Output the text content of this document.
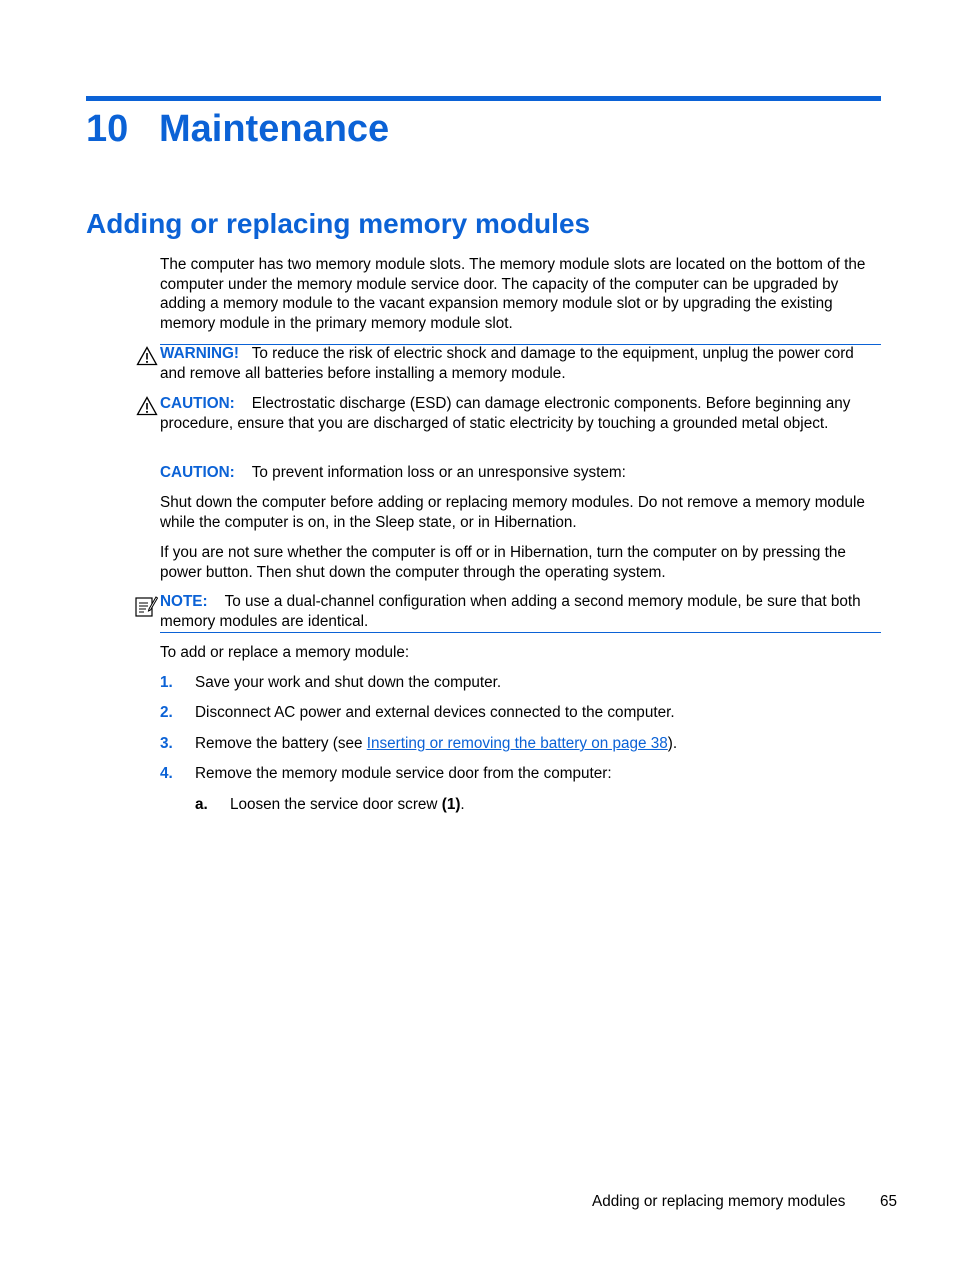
10 Maintenance
Adding or replacing memory modules

The computer has two memory module slots. The memory module slots are located on the bottom of the computer under the memory module service door. The capacity of the computer can be upgraded by adding a memory module to the vacant expansion memory module slot or by upgrading the existing memory module in the primary memory module slot.

WARNING! To reduce the risk of electric shock and damage to the equipment, unplug the power cord and remove all batteries before installing a memory module.

CAUTION: Electrostatic discharge (ESD) can damage electronic components. Before beginning any procedure, ensure that you are discharged of static electricity by touching a grounded metal object.

CAUTION: To prevent information loss or an unresponsive system:

Shut down the computer before adding or replacing memory modules. Do not remove a memory module while the computer is on, in the Sleep state, or in Hibernation.

If you are not sure whether the computer is off or in Hibernation, turn the computer on by pressing the power button. Then shut down the computer through the operating system.

NOTE: To use a dual-channel configuration when adding a second memory module, be sure that both memory modules are identical.

To add or replace a memory module:

1. Save your work and shut down the computer.
2. Disconnect AC power and external devices connected to the computer.
3. Remove the battery (see Inserting or removing the battery on page 38).
4. Remove the memory module service door from the computer:
a. Loosen the service door screw (1).
Adding or replacing memory modules 65
